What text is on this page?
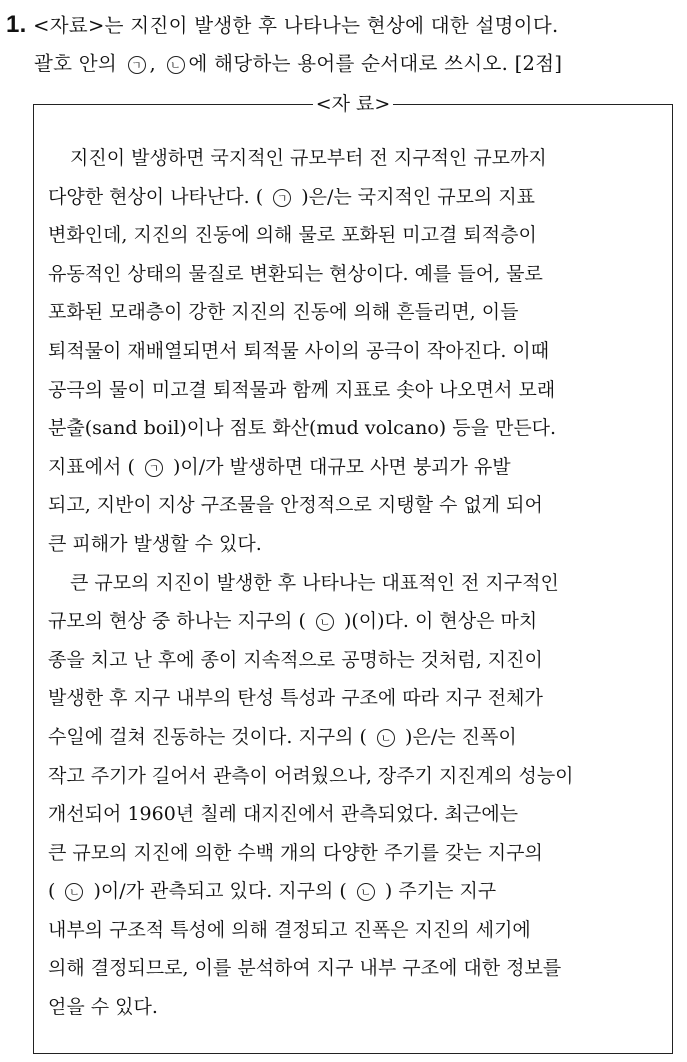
1. <자료>는 지진이 발생한 후 나타나는 현상에 대한 설명이다.
괄호 안의 ㄱ , ㄴ 에 해당하는 용어를 순서대로 쓰시오. [2점]
<자 료>
지진이 발생하면 국지적인 규모부터 전 지구적인 규모까지
다양한 현상이 나타난다. ( ㄱ )은/는 국지적인 규모의 지표
변화인데, 지진의 진동에 의해 물로 포화된 미고결 퇴적층이
유동적인 상태의 물질로 변환되는 현상이다. 예를 들어, 물로
포화된 모래층이 강한 지진의 진동에 의해 흔들리면, 이들
퇴적물이 재배열되면서 퇴적물 사이의 공극이 작아진다. 이때
공극의 물이 미고결 퇴적물과 함께 지표로 솟아 나오면서 모래
분출(sand boil)이나 점토 화산(mud volcano) 등을 만든다.
지표에서 ( ㄱ )이/가 발생하면 대규모 사면 붕괴가 유발
되고, 지반이 지상 구조물을 안정적으로 지탱할 수 없게 되어
큰 피해가 발생할 수 있다.
큰 규모의 지진이 발생한 후 나타나는 대표적인 전 지구적인
규모의 현상 중 하나는 지구의 ( ㄴ )(이)다. 이 현상은 마치
종을 치고 난 후에 종이 지속적으로 공명하는 것처럼, 지진이
발생한 후 지구 내부의 탄성 특성과 구조에 따라 지구 전체가
수일에 걸쳐 진동하는 것이다. 지구의 ( ㄴ )은/는 진폭이
작고 주기가 길어서 관측이 어려웠으나, 장주기 지진계의 성능이
개선되어 1960년 칠레 대지진에서 관측되었다. 최근에는
큰 규모의 지진에 의한 수백 개의 다양한 주기를 갖는 지구의
( ㄴ )이/가 관측되고 있다. 지구의 ( ㄴ ) 주기는 지구
내부의 구조적 특성에 의해 결정되고 진폭은 지진의 세기에
의해 결정되므로, 이를 분석하여 지구 내부 구조에 대한 정보를
얻을 수 있다.
